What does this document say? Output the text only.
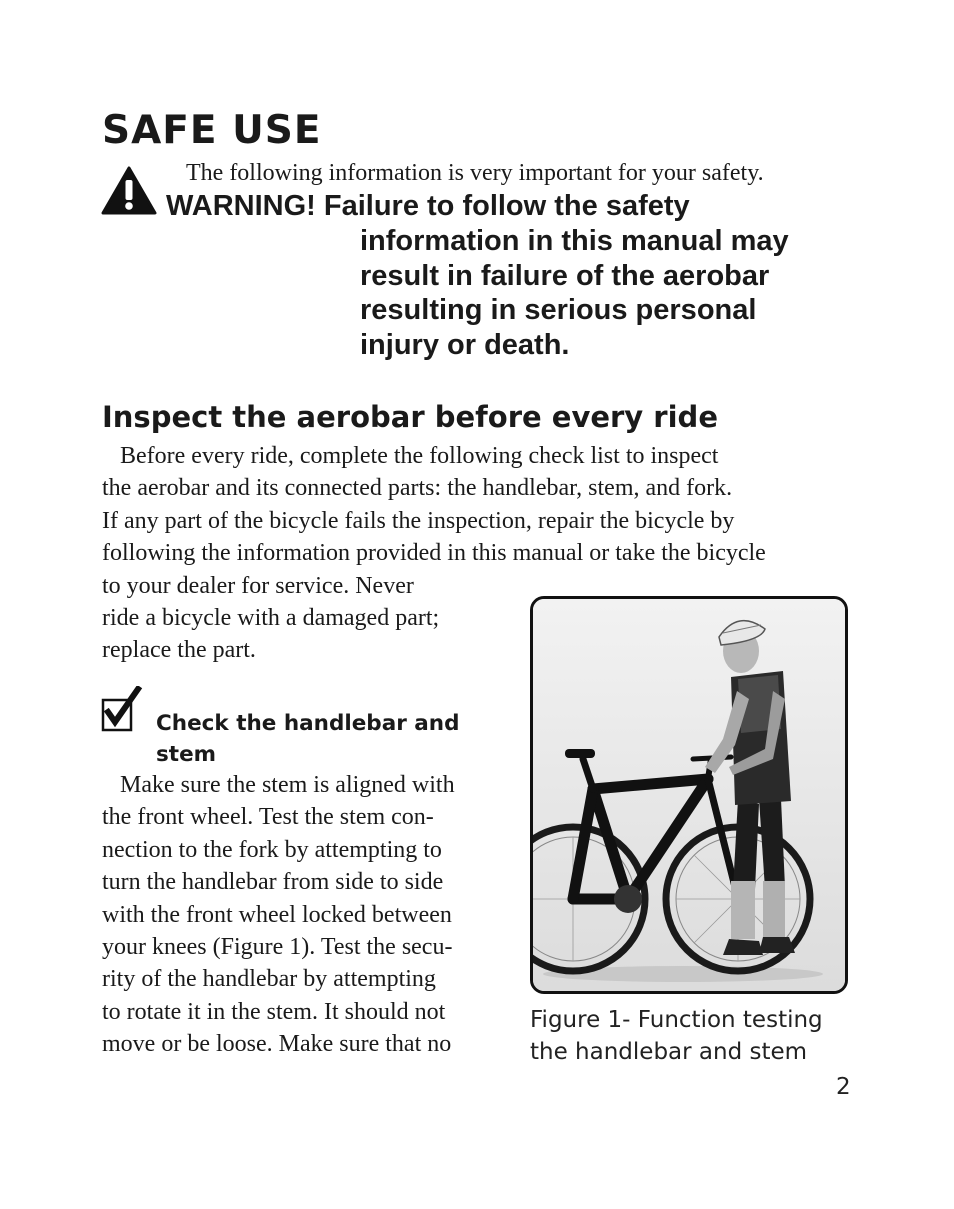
SAFE USE
The following information is very important for your safety.
WARNING! Failure to follow the safety
information in this manual may
result in failure of the aerobar
resulting in serious personal
injury or death.
Inspect the aerobar before every ride
Before every ride, complete the following check list to inspect
the aerobar and its connected parts: the handlebar, stem, and fork.
If any part of the bicycle fails the inspection, repair the bicycle by
following the information provided in this manual or take the bicycle
to your dealer for service. Never
ride a bicycle with a damaged part;
replace the part.
Check the handlebar and
stem
Make sure the stem is aligned with
the front wheel. Test the stem con-
nection to the fork by attempting to
turn the handlebar from side to side
with the front wheel locked between
your knees (Figure 1). Test the secu-
rity of the handlebar by attempting
to rotate it in the stem. It should not
move or be loose. Make sure that no
Figure 1- Function testing
the handlebar and stem
2
